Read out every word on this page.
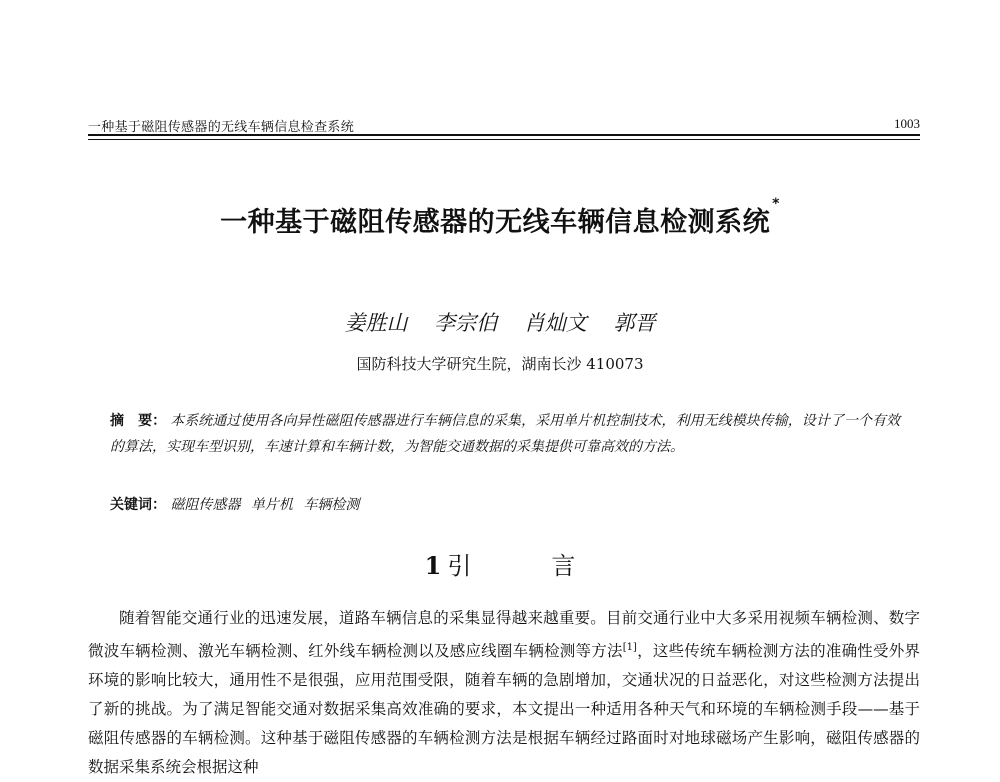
一种基于磁阻传感器的无线车辆信息检查系统	1003
一种基于磁阻传感器的无线车辆信息检测系统*
姜胜山 李宗伯 肖灿文 郭晋
国防科技大学研究生院，湖南长沙 410073
摘　要： 本系统通过使用各向异性磁阻传感器进行车辆信息的采集，采用单片机控制技术，利用无线模块传输，设计了一个有效的算法，实现车型识别，车速计算和车辆计数，为智能交通数据的采集提供可靠高效的方法。
关键词： 磁阻传感器 单片机 车辆检测
1 引	言
随着智能交通行业的迅速发展，道路车辆信息的采集显得越来越重要。目前交通行业中大多采用视频车辆检测、数字微波车辆检测、激光车辆检测、红外线车辆检测以及感应线圈车辆检测等方法[1]，这些传统车辆检测方法的准确性受外界环境的影响比较大，通用性不是很强，应用范围受限，随着车辆的急剧增加，交通状况的日益恶化，对这些检测方法提出了新的挑战。为了满足智能交通对数据采集高效准确的要求，本文提出一种适用各种天气和环境的车辆检测手段——基于磁阻传感器的车辆检测。这种基于磁阻传感器的车辆检测方法是根据车辆经过路面时对地球磁场产生影响，磁阻传感器的数据采集系统会根据这种
